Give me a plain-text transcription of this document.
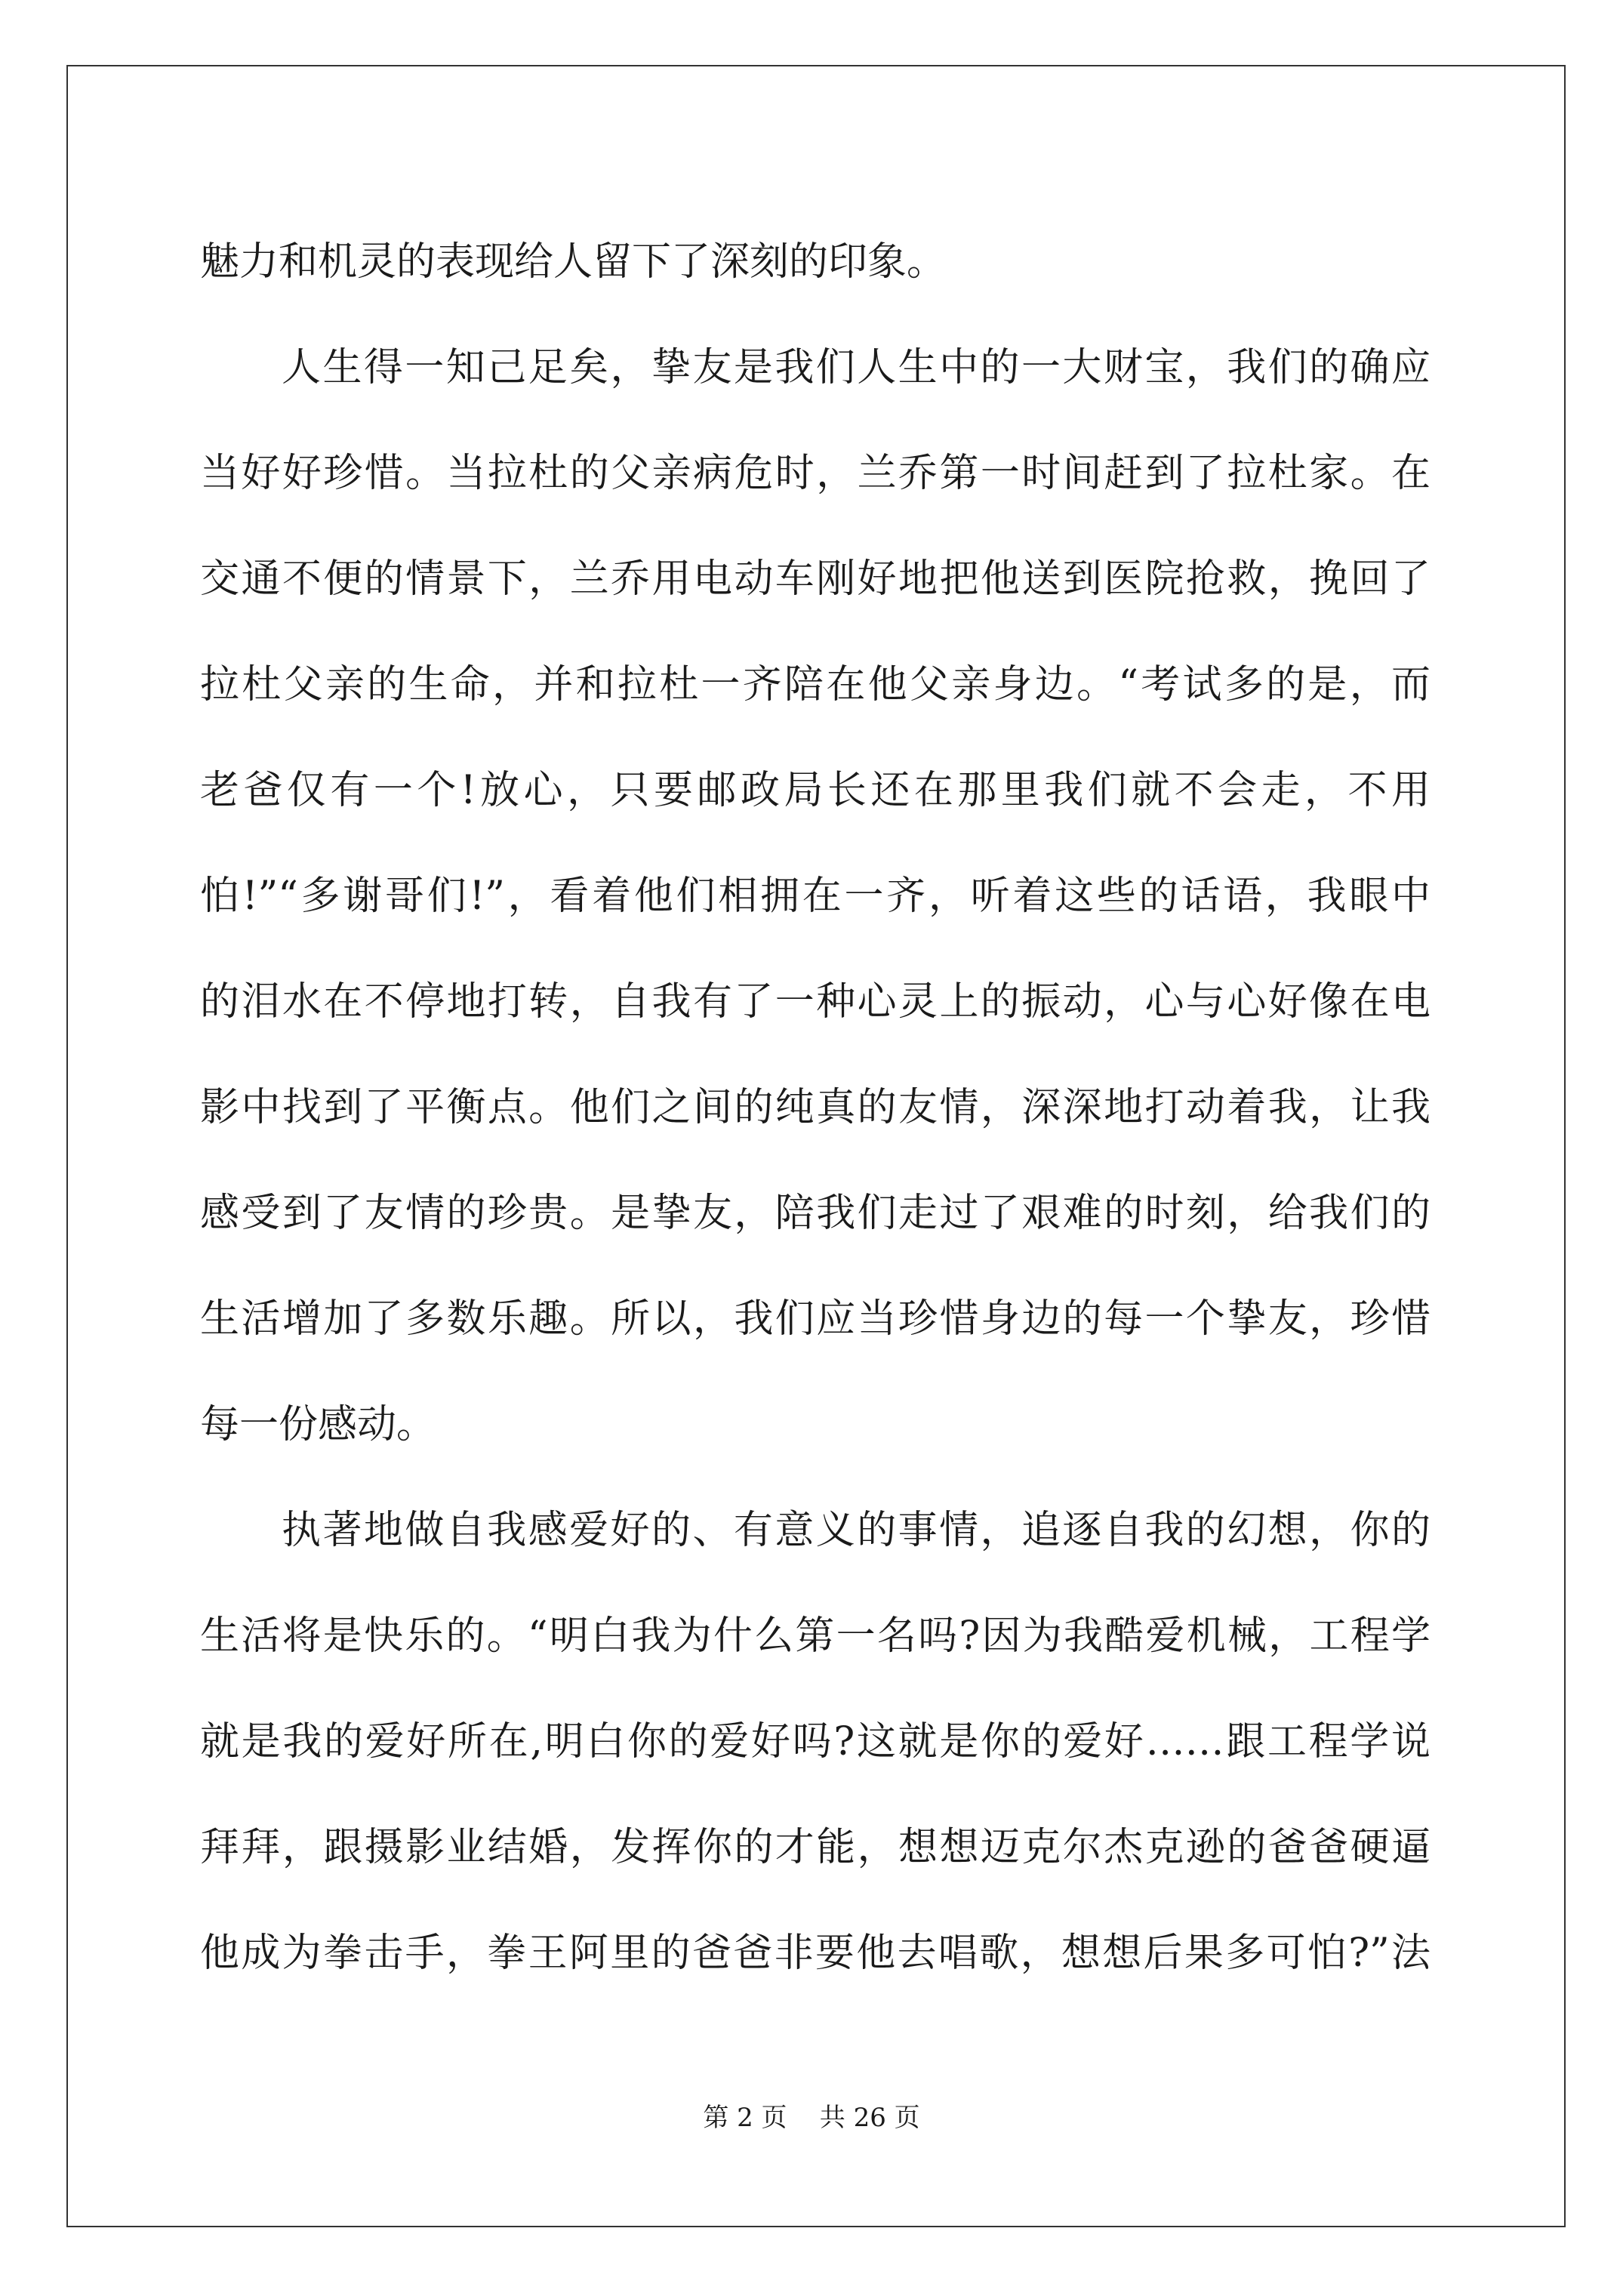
魅力和机灵的表现给人留下了深刻的印象。
人生得一知己足矣，挚友是我们人生中的一大财宝，我们的确应
当好好珍惜。当拉杜的父亲病危时，兰乔第一时间赶到了拉杜家。在
交通不便的情景下，兰乔用电动车刚好地把他送到医院抢救，挽回了
拉杜父亲的生命，并和拉杜一齐陪在他父亲身边。“考试多的是，而
老爸仅有一个!放心，只要邮政局长还在那里我们就不会走，不用
怕!”“多谢哥们!”，看着他们相拥在一齐，听着这些的话语，我眼中
的泪水在不停地打转，自我有了一种心灵上的振动，心与心好像在电
影中找到了平衡点。他们之间的纯真的友情，深深地打动着我，让我
感受到了友情的珍贵。是挚友，陪我们走过了艰难的时刻，给我们的
生活增加了多数乐趣。所以，我们应当珍惜身边的每一个挚友，珍惜
每一份感动。
执著地做自我感爱好的、有意义的事情，追逐自我的幻想，你的
生活将是快乐的。“明白我为什么第一名吗?因为我酷爱机械，工程学
就是我的爱好所在,明白你的爱好吗?这就是你的爱好……跟工程学说
拜拜，跟摄影业结婚，发挥你的才能，想想迈克尔杰克逊的爸爸硬逼
他成为拳击手，拳王阿里的爸爸非要他去唱歌，想想后果多可怕?”法
第 2 页 共 26 页
